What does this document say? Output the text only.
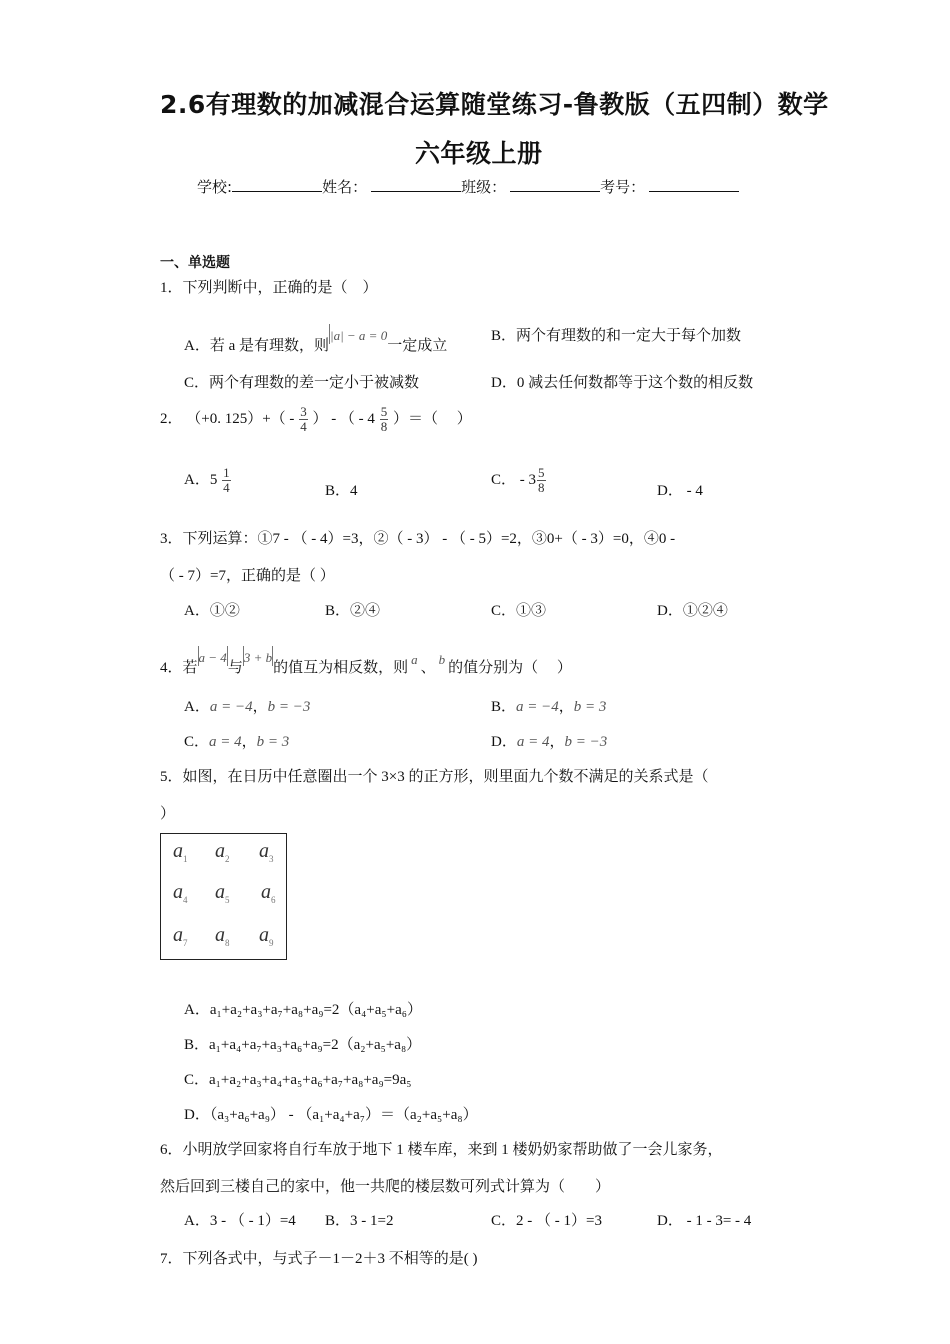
2.6有理数的加减混合运算随堂练习-鲁教版（五四制）数学
六年级上册
学校:	姓名：	班级：	考号：
一、单选题
1．下列判断中，正确的是（　）
A．若 a 是有理数，则|a| − a = 0一定成立
B．两个有理数的和一定大于每个加数
C．两个有理数的差一定小于被减数	D．0 减去任何数都等于这个数的相反数
2． （+0. $125)+( - \frac{3}{4}$ ） - （ - $4 \frac{5}{8}$ ）＝（　 ）
A．$5 \frac{1}{4}$	B．4
C． - $3 \frac{5}{8}$	D． - 4
3．下列运算：①7 - （ - 4）=3，②（ - 3） - （ - 5）=2，③0+（ - 3）=0，④0 -
（ - 7）=7，正确的是（ ）
A．①②	B．②④	C．①③	D．①②④
4．若a − 4与3 + b的值互为相反数，则a、b的值分别为（　 ）
A．a = −4，b = −3	B．a = −4，b = 3
C．a = 4，b = 3	D．a = 4，b = −3
5．如图，在日历中任意圈出一个 3×3 的正方形，则里面九个数不满足的关系式是（
）
$a_1$ $a_2$ $a_3$
$a_4$ $a_5$ $a_6$
$a_7$ $a_8$ $a_9$
A．a₁+a₂+a₃+a₇+a₈+a₉=2（a₄+a₅+a₆）
B．a₁+a₄+a₇+a₃+a₆+a₉=2（a₂+a₅+a₈）
C．a₁+a₂+a₃+a₄+a₅+a₆+a₇+a₈+a₉=9a₅
D．（a₃+a₆+a₉） - （a₁+a₄+a₇）＝（a₂+a₅+a₈）
6．小明放学回家将自行车放于地下 1 楼车库，来到 1 楼奶奶家帮助做了一会儿家务，
然后回到三楼自己的家中，他一共爬的楼层数可列式计算为（　　）
A．3 - （ - 1）=4 B．3 - 1=2	C．2 - （ - 1）=3	D． - 1 - 3= - 4
7．下列各式中，与式子－1－2＋3 不相等的是( )
